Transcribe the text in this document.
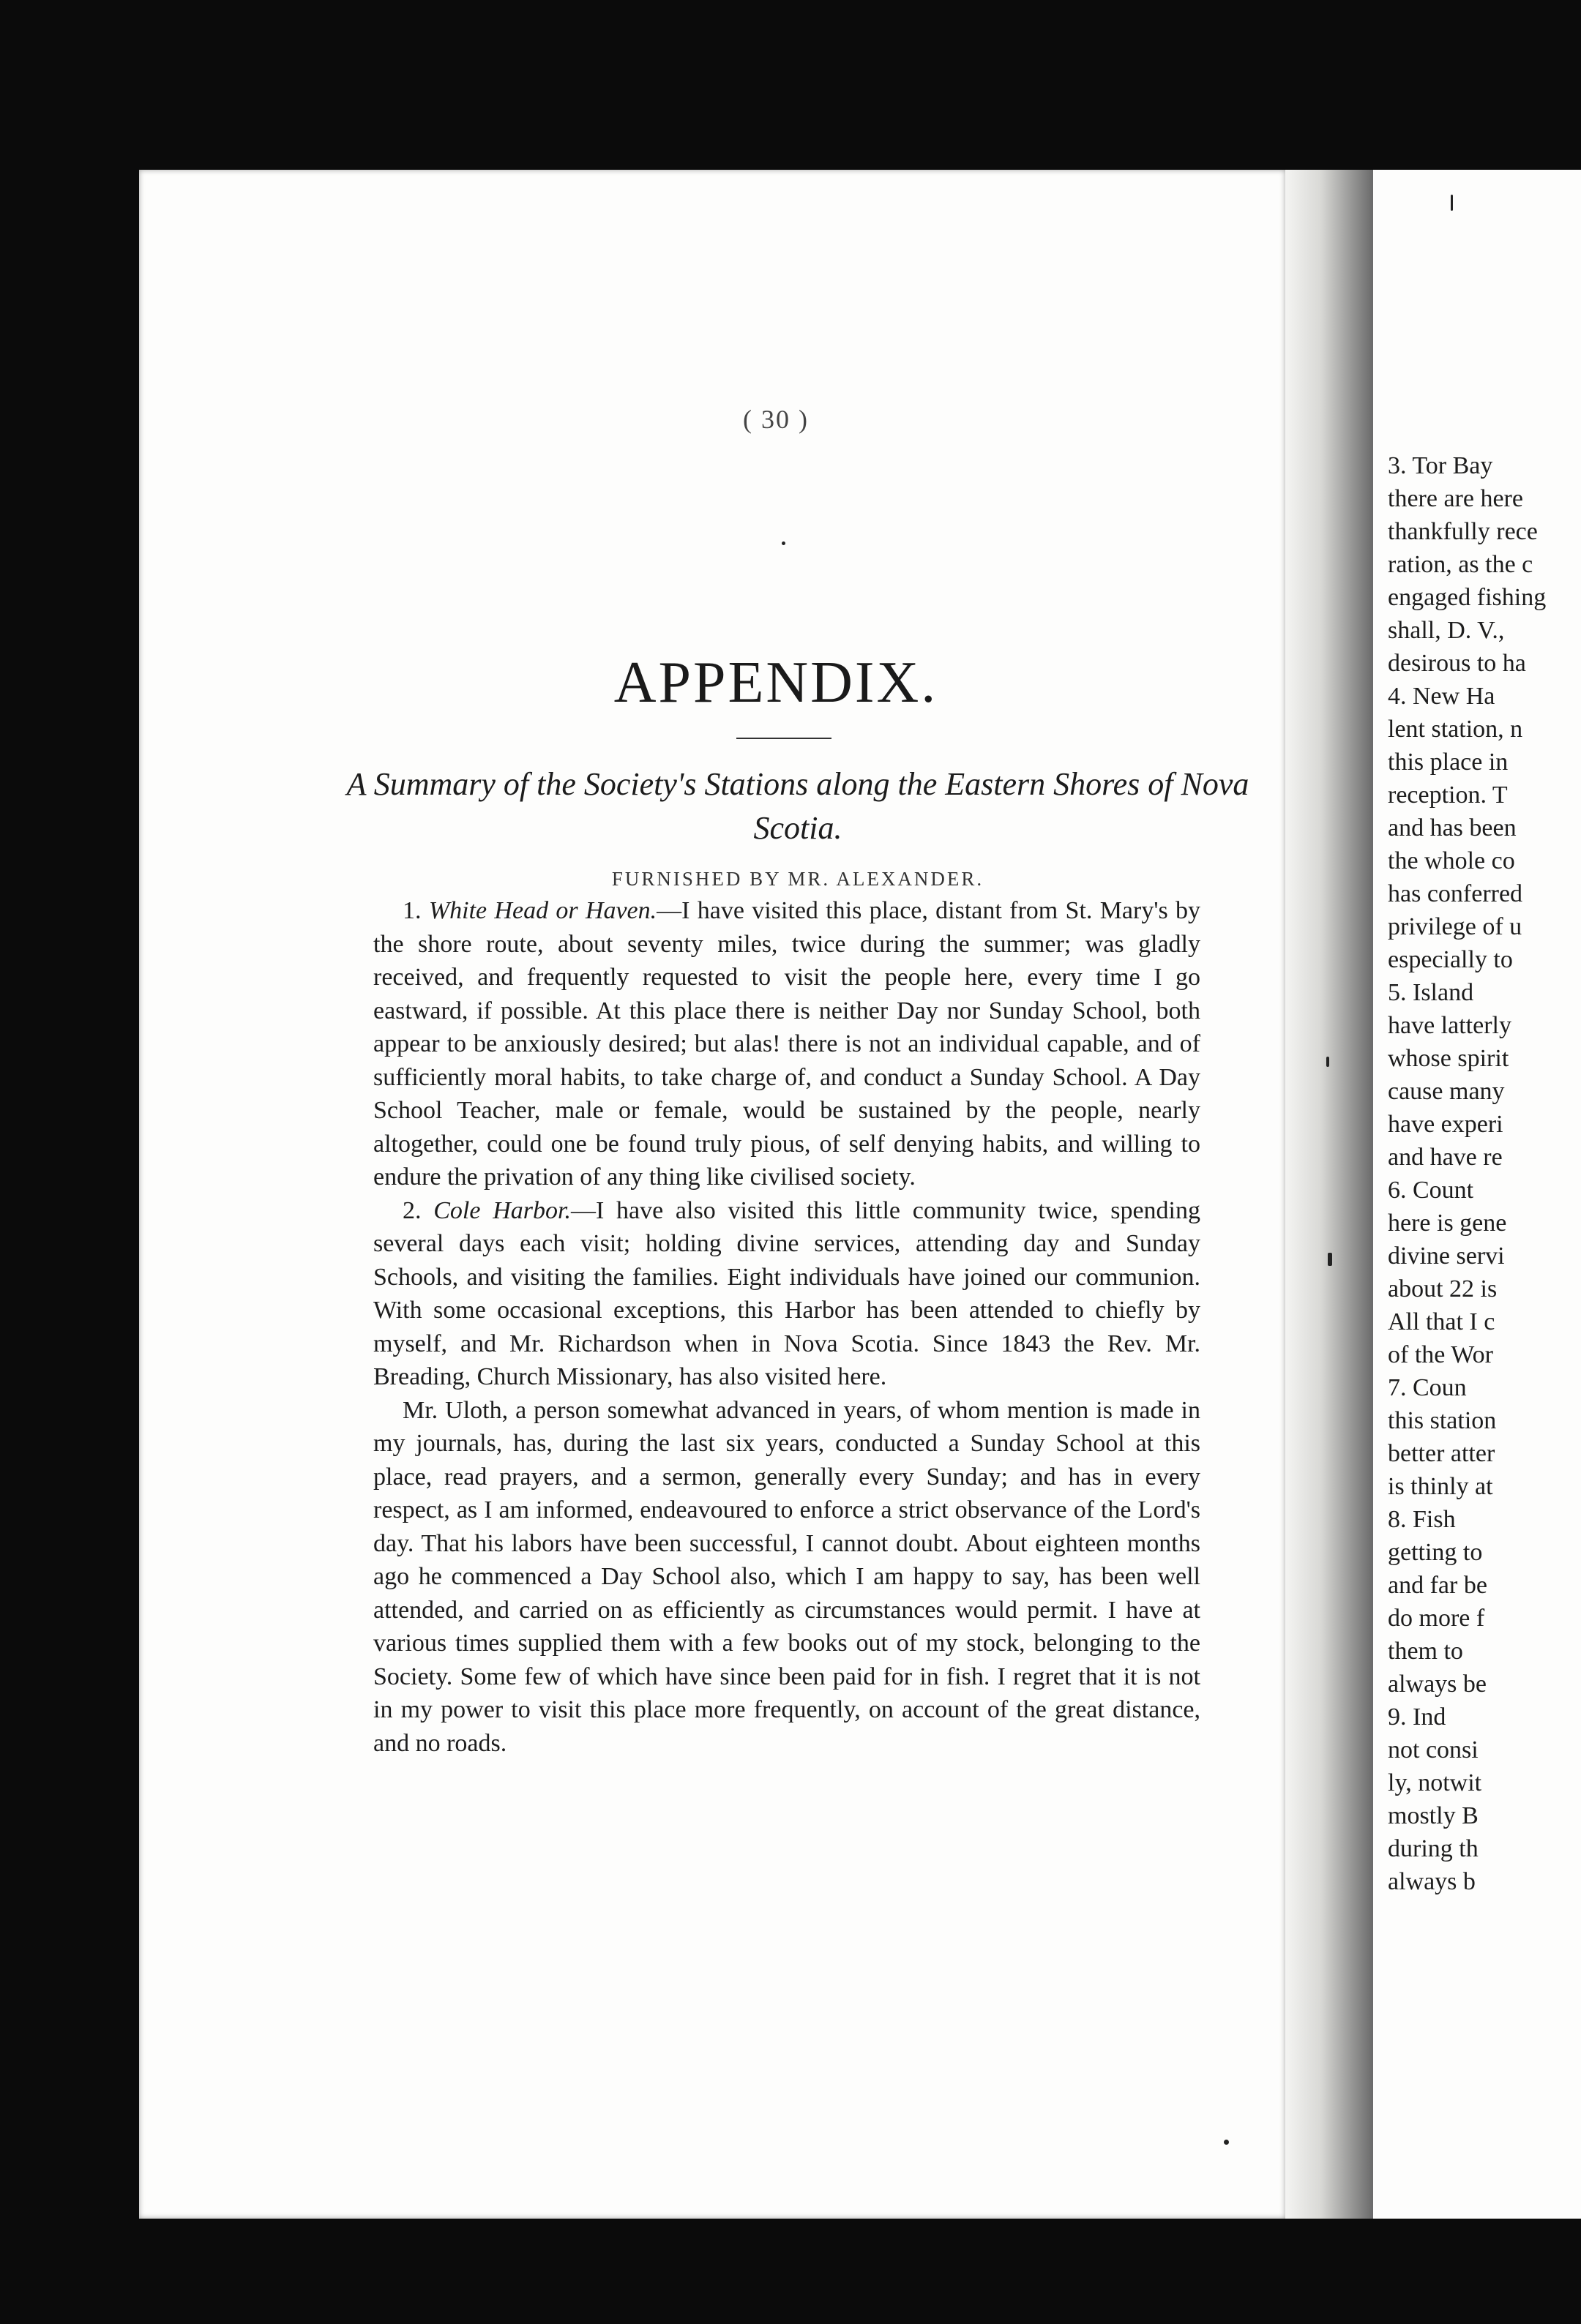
( 30 )
APPENDIX.
A Summary of the Society's Stations along the Eastern Shores of Nova Scotia.
FURNISHED BY MR. ALEXANDER.

1. White Head or Haven.—I have visited this place, distant from St. Mary's by the shore route, about seventy miles, twice during the summer; was gladly received, and frequently requested to visit the people here, every time I go eastward, if possible. At this place there is neither Day nor Sunday School, both appear to be anxiously desired; but alas! there is not an individual capable, and of sufficiently moral habits, to take charge of, and conduct a Sunday School. A Day School Teacher, male or female, would be sustained by the people, nearly altogether, could one be found truly pious, of self denying habits, and willing to endure the privation of any thing like civilised society.

2. Cole Harbor.—I have also visited this little community twice, spending several days each visit; holding divine services, attending day and Sunday Schools, and visiting the families. Eight individuals have joined our communion. With some occasional exceptions, this Harbor has been attended to chiefly by myself, and Mr. Richardson when in Nova Scotia. Since 1843 the Rev. Mr. Breading, Church Missionary, has also visited here.

Mr. Uloth, a person somewhat advanced in years, of whom mention is made in my journals, has, during the last six years, conducted a Sunday School at this place, read prayers, and a sermon, generally every Sunday; and has in every respect, as I am informed, endeavoured to enforce a strict observance of the Lord's day. That his labors have been successful, I cannot doubt. About eighteen months ago he commenced a Day School also, which I am happy to say, has been well attended, and carried on as efficiently as circumstances would permit. I have at various times supplied them with a few books out of my stock, belonging to the Society. Some few of which have since been paid for in fish. I regret that it is not in my power to visit this place more frequently, on account of the great distance, and no roads.

3. Tor Bay
there are here
thankfully rece
ration, as the c
engaged fishing
shall, D. V.,
desirous to ha
4. New Ha
lent station, n
this place in
reception. T
and has been
the whole co
has conferred
privilege of u
especially to
5. Island
have latterly
whose spirit
cause many
have experi
and have re
6. Count
here is gene
divine servi
about 22 is
All that I c
of the Wor
7. Coun
this station
better atter
is thinly at
8. Fish
getting to
and far be
do more f
them to
always be
9. Ind
not consi
ly, notwit
mostly B
during th
always b
